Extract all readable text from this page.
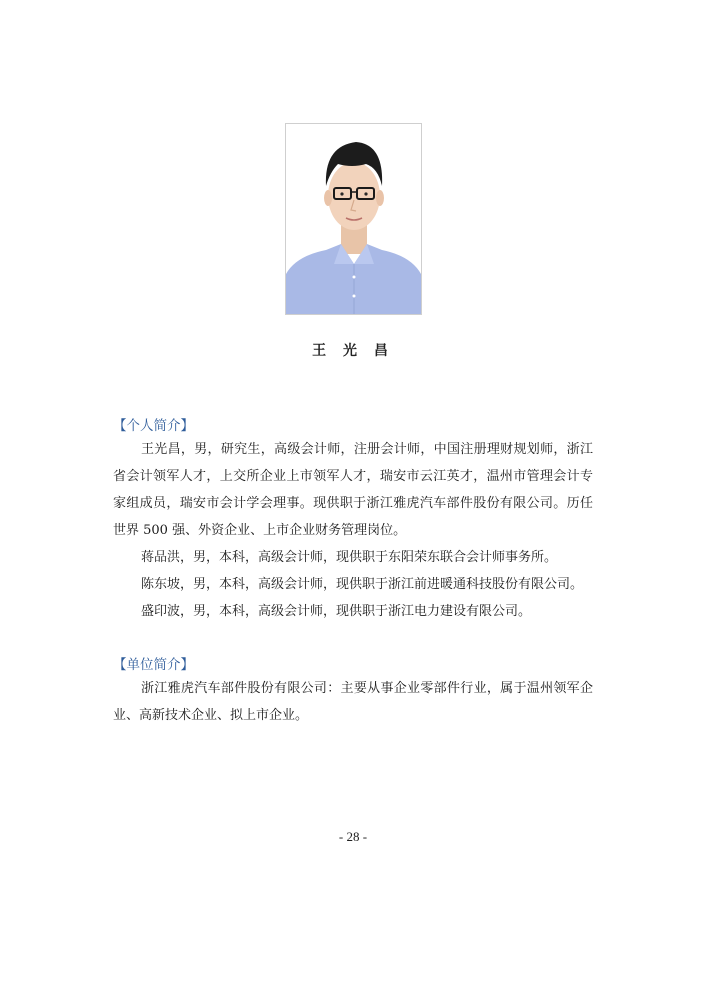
王 光 昌
【个人简介】

王光昌，男，研究生，高级会计师，注册会计师，中国注册理财规划师，浙江省会计领军人才，上交所企业上市领军人才，瑞安市云江英才，温州市管理会计专家组成员，瑞安市会计学会理事。现供职于浙江雅虎汽车部件股份有限公司。历任世界 500 强、外资企业、上市企业财务管理岗位。

蒋品洪，男，本科，高级会计师，现供职于东阳荣东联合会计师事务所。
陈东坡，男，本科，高级会计师，现供职于浙江前进暖通科技股份有限公司。
盛印波，男，本科，高级会计师，现供职于浙江电力建设有限公司。
【单位简介】

浙江雅虎汽车部件股份有限公司：主要从事企业零部件行业，属于温州领军企业、高新技术企业、拟上市企业。

- 28 -
